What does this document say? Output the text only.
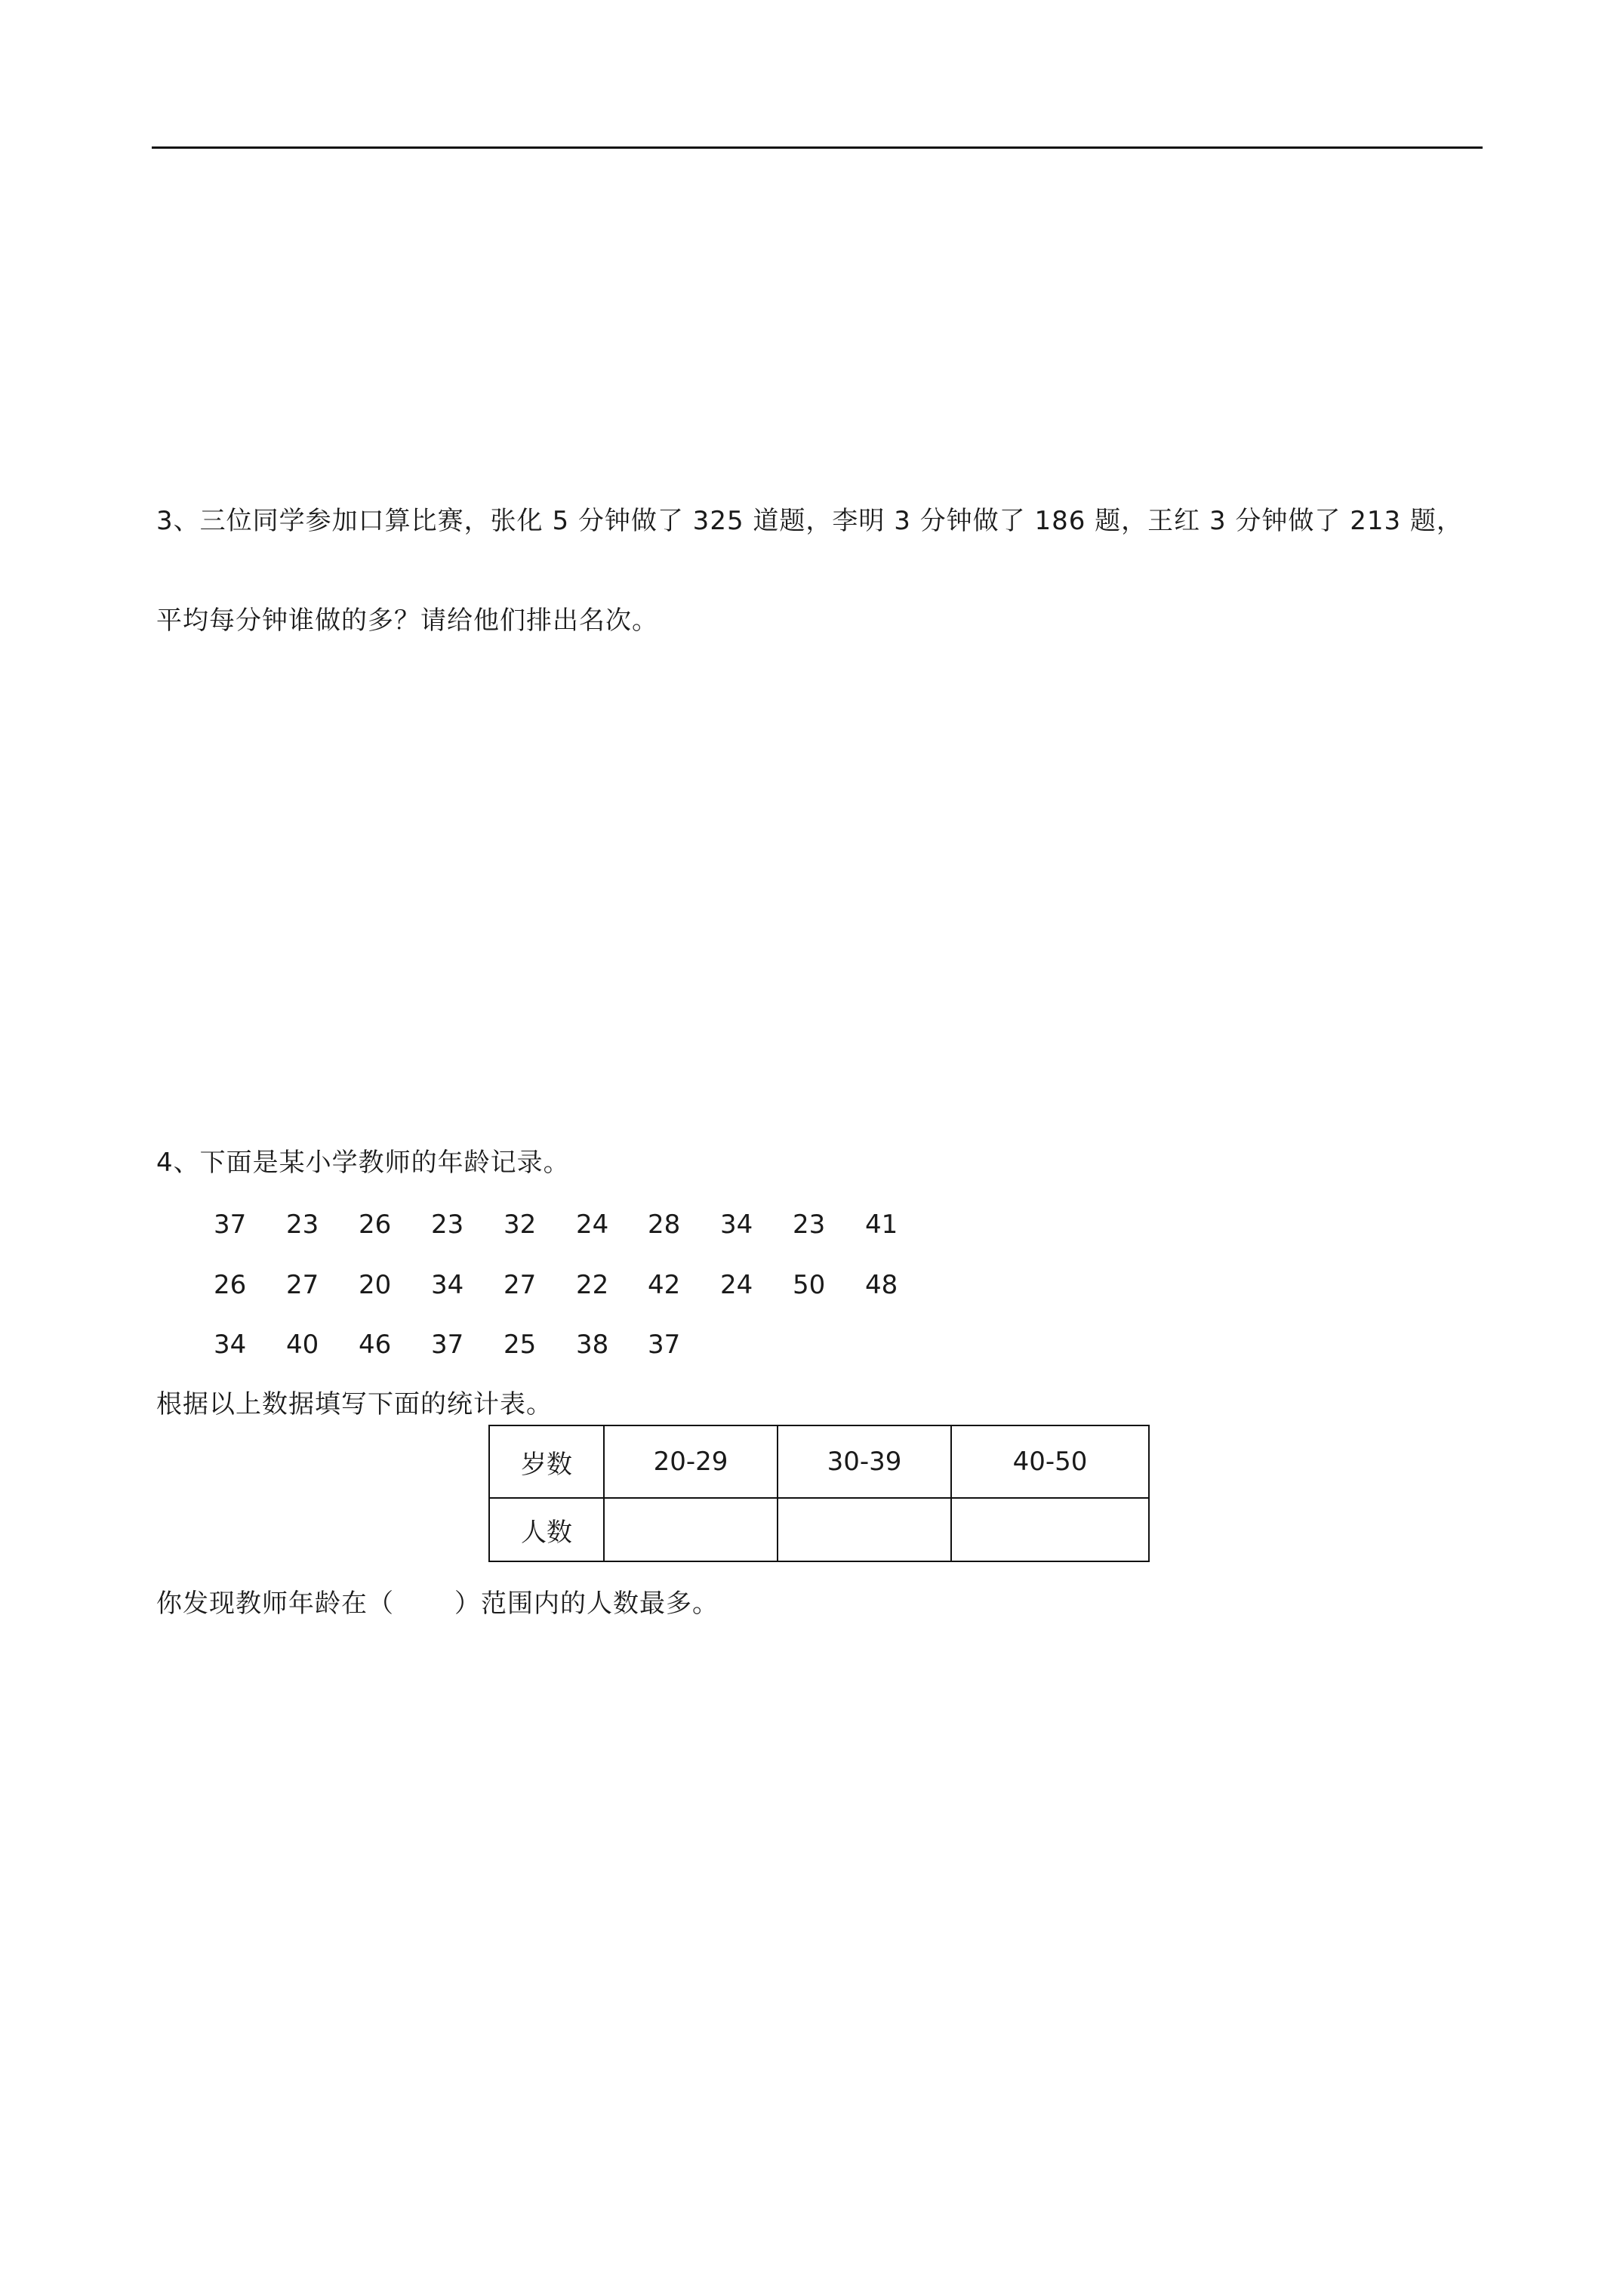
3、三位同学参加口算比赛，张化 5 分钟做了 325 道题，李明 3 分钟做了 186 题，王红 3 分钟做了 213 题，
平均每分钟谁做的多？请给他们排出名次。
4、下面是某小学教师的年龄记录。
37 23 26 23 32 24 28 34 23 41
26 27 20 34 27 22 42 24 50 48
34 40 46 37 25 38 37
根据以上数据填写下面的统计表。
岁数	20-29	30-39	40-50
人数			
你发现教师年龄在（ ）范围内的人数最多。
